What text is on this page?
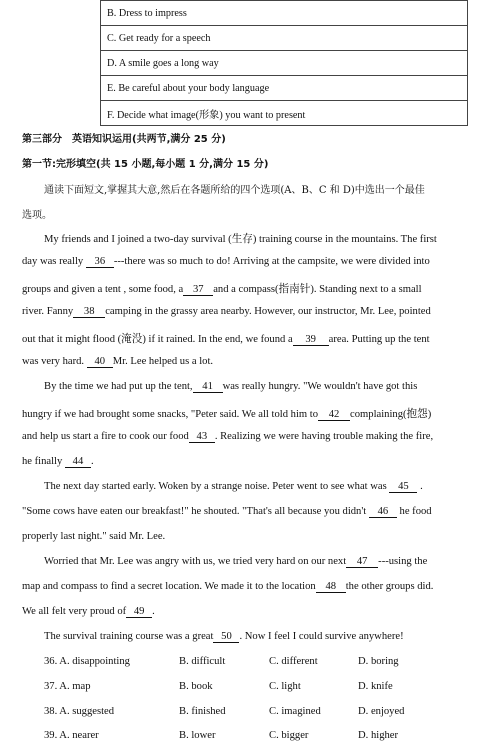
B. Dress to impress
C. Get ready for a speech
D. A smile goes a long way
E. Be careful about your body language
F. Decide what image(形象) you want to present
第三部分　英语知识运用(共两节,满分 25 分)
第一节:完形填空(共 15 小题,每小题 1 分,满分 15 分)
通读下面短文,掌握其大意,然后在各题所给的四个选项(A、B、C 和 D)中选出一个最佳
选项。
My friends and I joined a two-day survival (生存) training course in the mountains. The first
day was really 36 ---there was so much to do! Arriving at the campsite, we were divided into
groups and given a tent , some food, a 37 and a compass(指南针). Standing next to a small
river. Fanny 38 camping in the grassy area nearby. However, our instructor, Mr. Lee, pointed
out that it might flood (淹没) if it rained. In the end, we found a 39 area. Putting up the tent
was very hard. 40 Mr. Lee helped us a lot.
By the time we had put up the tent, 41 was really hungry. "We wouldn't have got this
hungry if we had brought some snacks, "Peter said. We all told him to 42 complaining(抱怨)
and help us start a fire to cook our food 43 . Realizing we were having trouble making the fire,
he finally 44 .
The next day started early. Woken by a strange noise. Peter went to see what was 45 .
"Some cows have eaten our breakfast!" he shouted. "That's all because you didn't 46 he food
properly last night." said Mr. Lee.
Worried that Mr. Lee was angry with us, we tried very hard on our next 47 ---using the
map and compass to find a secret location. We made it to the location 48 the other groups did.
We all felt very proud of 49 .
The survival training course was a great 50 . Now I feel I could survive anywhere!
36. A. disappointing	B. difficult	C. different	D. boring
37. A. map	B. book	C. light	D. knife
38. A. suggested	B. finished	C. imagined	D. enjoyed
39. A. nearer	B. lower	C. bigger	D. higher
